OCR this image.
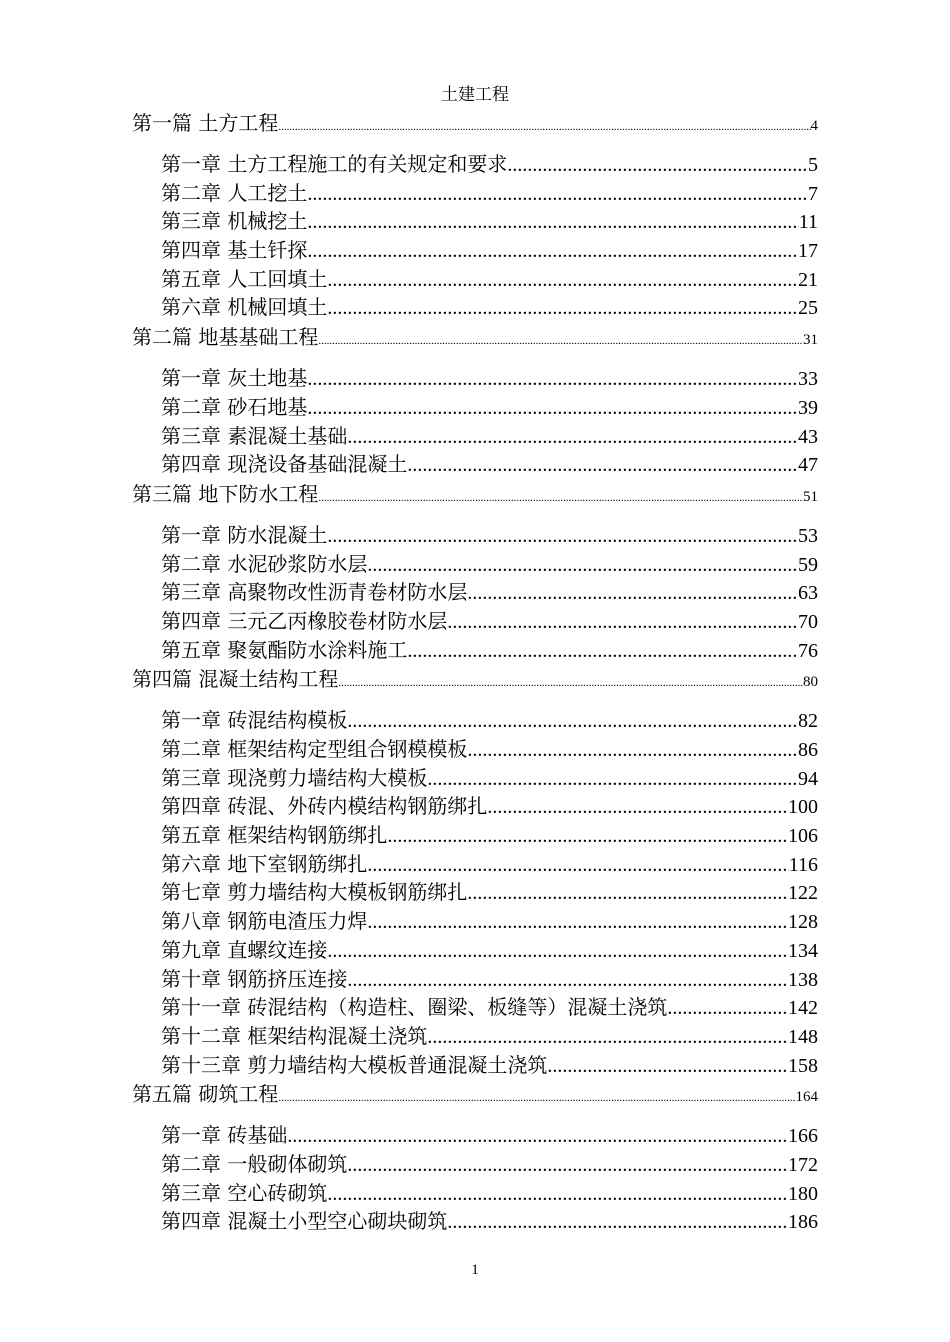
土建工程
第一篇 土方工程 .....	4
第一章 土方工程施工的有关规定和要求 .....	5
第二章 人工挖土 .....	7
第三章 机械挖土 .....	11
第四章 基土钎探 .....	17
第五章 人工回填土 .....	21
第六章 机械回填土 .....	25
第二篇 地基基础工程 .....	31
第一章 灰土地基 .....	33
第二章 砂石地基 .....	39
第三章 素混凝土基础 .....	43
第四章 现浇设备基础混凝土 .....	47
第三篇 地下防水工程 .....	51
第一章 防水混凝土 .....	53
第二章 水泥砂浆防水层 .....	59
第三章 高聚物改性沥青卷材防水层 .....	63
第四章 三元乙丙橡胶卷材防水层 .....	70
第五章 聚氨酯防水涂料施工 .....	76
第四篇 混凝土结构工程 .....	80
第一章 砖混结构模板 .....	82
第二章 框架结构定型组合钢模模板 .....	86
第三章 现浇剪力墙结构大模板 .....	94
第四章 砖混、外砖内模结构钢筋绑扎 .....	100
第五章 框架结构钢筋绑扎 .....	106
第六章 地下室钢筋绑扎 .....	116
第七章 剪力墙结构大模板钢筋绑扎 .....	122
第八章 钢筋电渣压力焊 .....	128
第九章 直螺纹连接 .....	134
第十章 钢筋挤压连接 .....	138
第十一章 砖混结构（构造柱、圈梁、板缝等）混凝土浇筑 .....	142
第十二章 框架结构混凝土浇筑 .....	148
第十三章 剪力墙结构大模板普通混凝土浇筑 .....	158
第五篇 砌筑工程 .....	164
第一章 砖基础 .....	166
第二章 一般砌体砌筑 .....	172
第三章 空心砖砌筑 .....	180
第四章 混凝土小型空心砌块砌筑 .....	186
1
